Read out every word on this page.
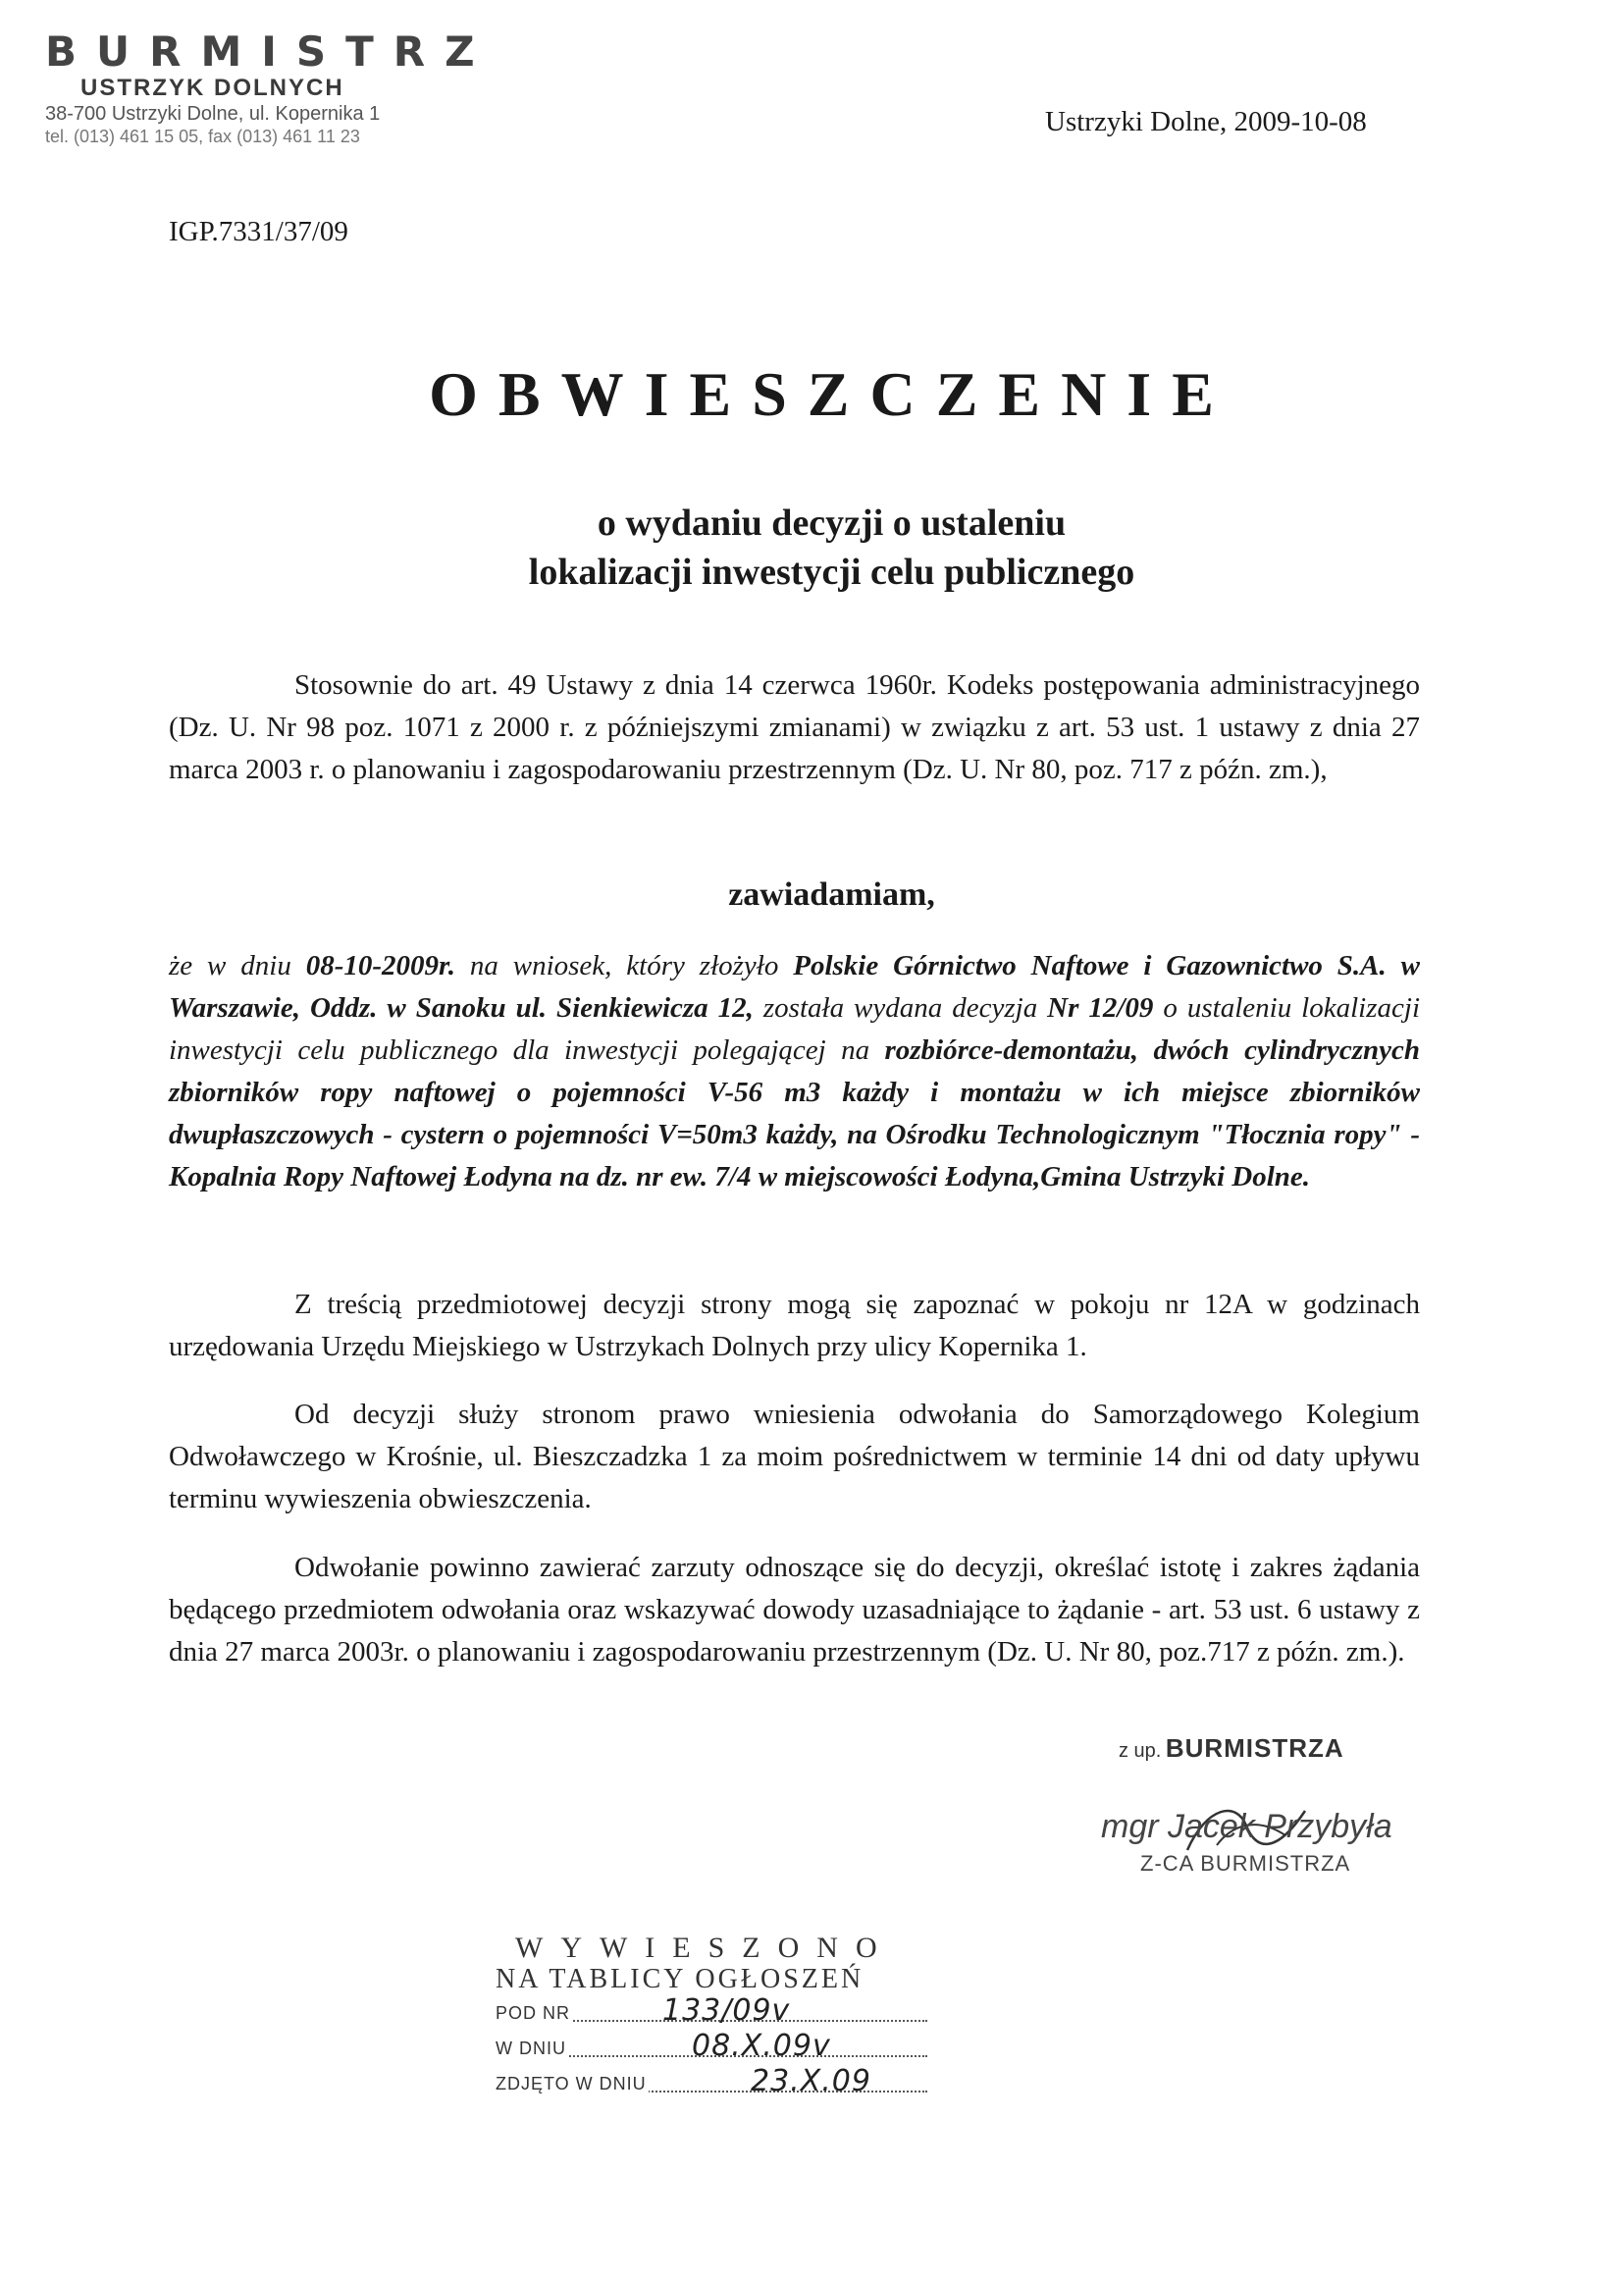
BURMISTRZ
USTRZYK DOLNYCH
38-700 Ustrzyki Dolne, ul. Kopernika 1
tel. (013) 461 15 05, fax (013) 461 11 23	Ustrzyki Dolne, 2009-10-08
IGP.7331/37/09
OBWIESZCZENIE
o wydaniu decyzji o ustaleniu
lokalizacji inwestycji celu publicznego
Stosownie do art. 49 Ustawy z dnia 14 czerwca 1960r. Kodeks postępowania administracyjnego (Dz. U. Nr 98 poz. 1071 z 2000 r. z późniejszymi zmianami) w związku z art. 53 ust. 1 ustawy z dnia 27 marca 2003 r. o planowaniu i zagospodarowaniu przestrzennym (Dz. U. Nr 80, poz. 717 z późn. zm.),
zawiadamiam,
że w dniu 08-10-2009r. na wniosek, który złożyło Polskie Górnictwo Naftowe i Gazownictwo S.A. w Warszawie, Oddz. w Sanoku ul. Sienkiewicza 12, została wydana decyzja Nr 12/09 o ustaleniu lokalizacji inwestycji celu publicznego dla inwestycji polegającej na rozbiórce-demontażu, dwóch cylindrycznych zbiorników ropy naftowej o pojemności V-56 m3 każdy i montażu w ich miejsce zbiorników dwupłaszczowych - cystern o pojemności V=50m3 każdy, na Ośrodku Technologicznym "Tłocznia ropy" - Kopalnia Ropy Naftowej Łodyna na dz. nr ew. 7/4 w miejscowości Łodyna,Gmina Ustrzyki Dolne.
Z treścią przedmiotowej decyzji strony mogą się zapoznać w pokoju nr 12A w godzinach urzędowania Urzędu Miejskiego w Ustrzykach Dolnych przy ulicy Kopernika 1.
Od decyzji służy stronom prawo wniesienia odwołania do Samorządowego Kolegium Odwoławczego w Krośnie, ul. Bieszczadzka 1 za moim pośrednictwem w terminie 14 dni od daty upływu terminu wywieszenia obwieszczenia.
Odwołanie powinno zawierać zarzuty odnoszące się do decyzji, określać istotę i zakres żądania będącego przedmiotem odwołania oraz wskazywać dowody uzasadniające to żądanie - art. 53 ust. 6 ustawy z dnia 27 marca 2003r. o planowaniu i zagospodarowaniu przestrzennym (Dz. U. Nr 80, poz.717 z późn. zm.).
z up. BURMISTRZA
mgr Jacek Przybyła
Z-CA BURMISTRZA
WYWIESZONO
NA TABLICY OGŁOSZEŃ
POD NR	133/09v
W DNIU	08.X.09v
ZDJĘTO W DNIU	23.X.09
